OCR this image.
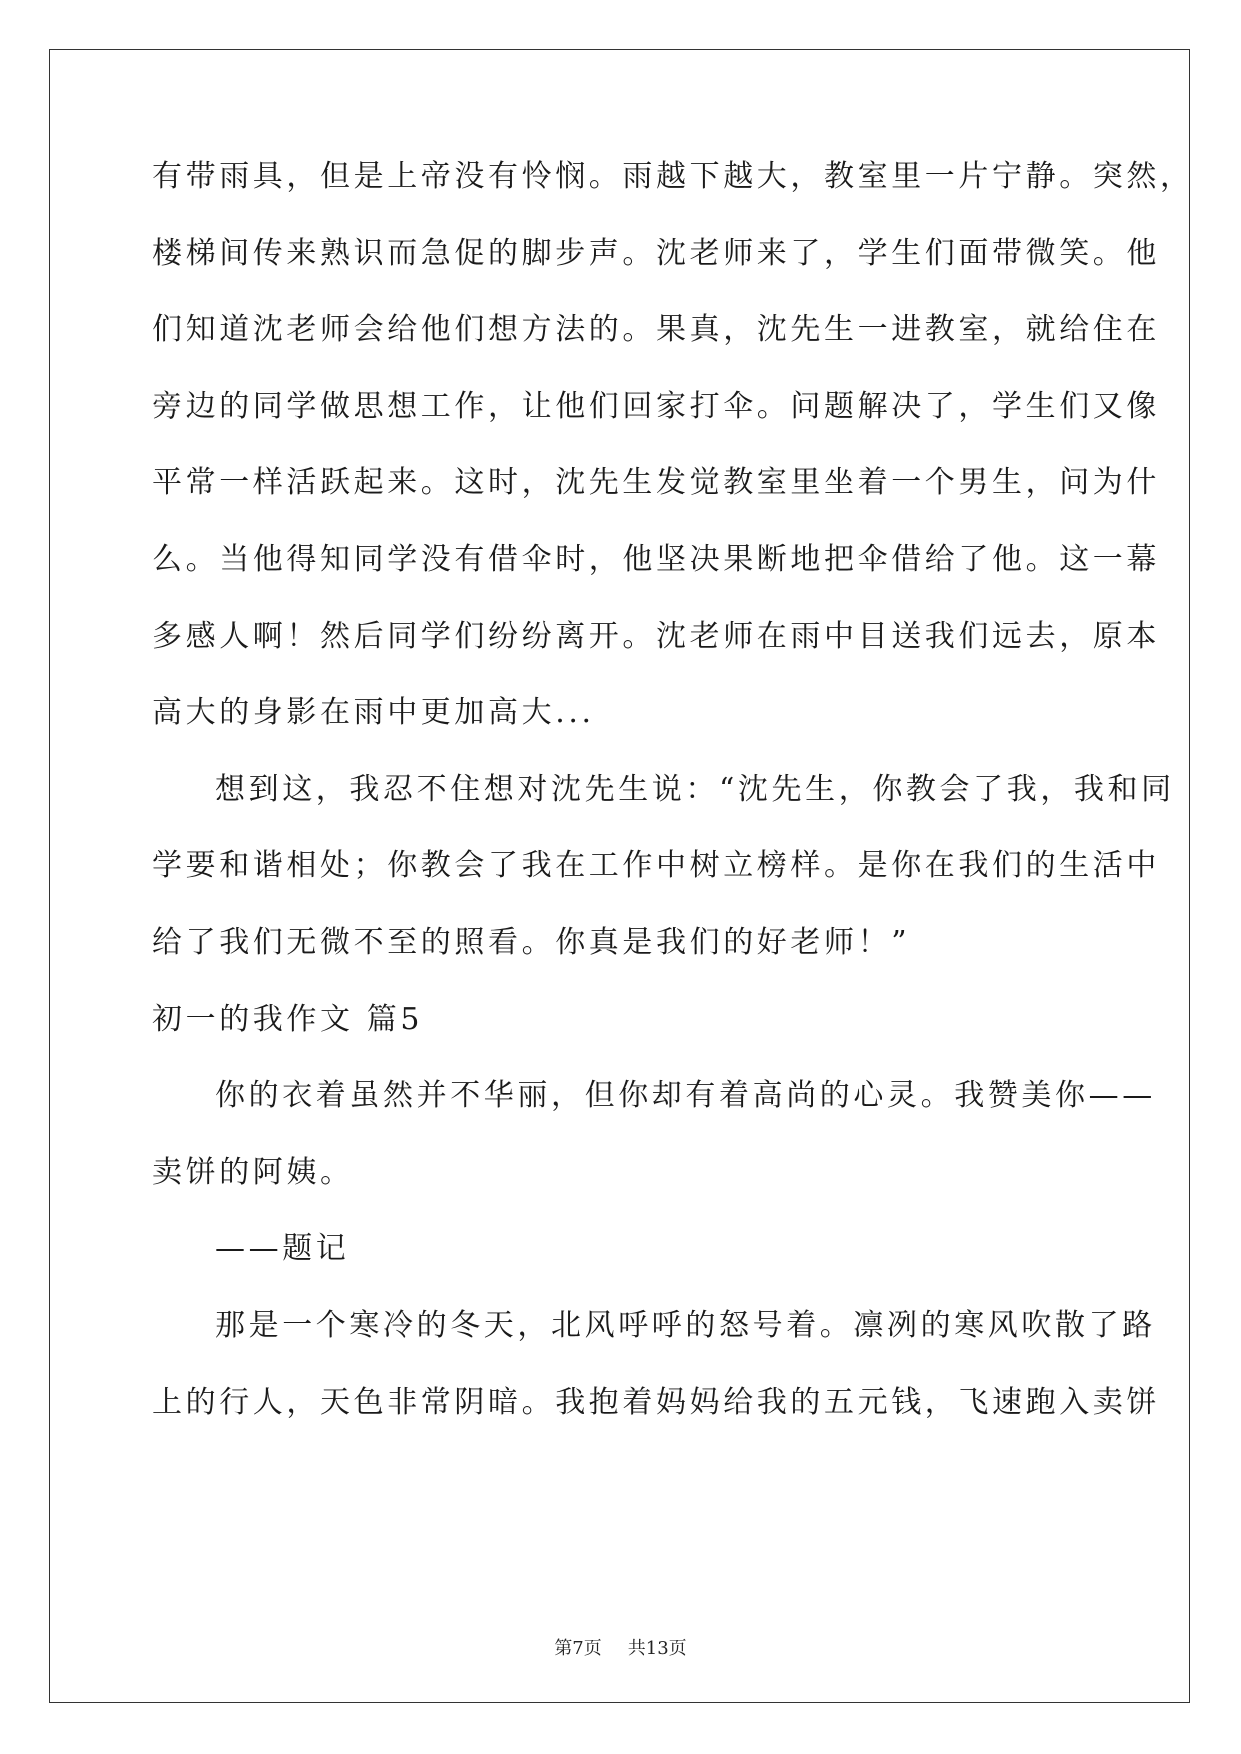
有带雨具，但是上帝没有怜悯。雨越下越大，教室里一片宁静。突然，
楼梯间传来熟识而急促的脚步声。沈老师来了，学生们面带微笑。他
们知道沈老师会给他们想方法的。果真，沈先生一进教室，就给住在
旁边的同学做思想工作，让他们回家打伞。问题解决了，学生们又像
平常一样活跃起来。这时，沈先生发觉教室里坐着一个男生，问为什
么。当他得知同学没有借伞时，他坚决果断地把伞借给了他。这一幕
多感人啊！然后同学们纷纷离开。沈老师在雨中目送我们远去，原本
高大的身影在雨中更加高大...
想到这，我忍不住想对沈先生说：“沈先生，你教会了我，我和同
学要和谐相处；你教会了我在工作中树立榜样。是你在我们的生活中
给了我们无微不至的照看。你真是我们的好老师！”
初一的我作文 篇5
你的衣着虽然并不华丽，但你却有着高尚的心灵。我赞美你——
卖饼的阿姨。
——题记
那是一个寒冷的冬天，北风呼呼的怒号着。凛冽的寒风吹散了路
上的行人，天色非常阴暗。我抱着妈妈给我的五元钱，飞速跑入卖饼
第7页 共13页
